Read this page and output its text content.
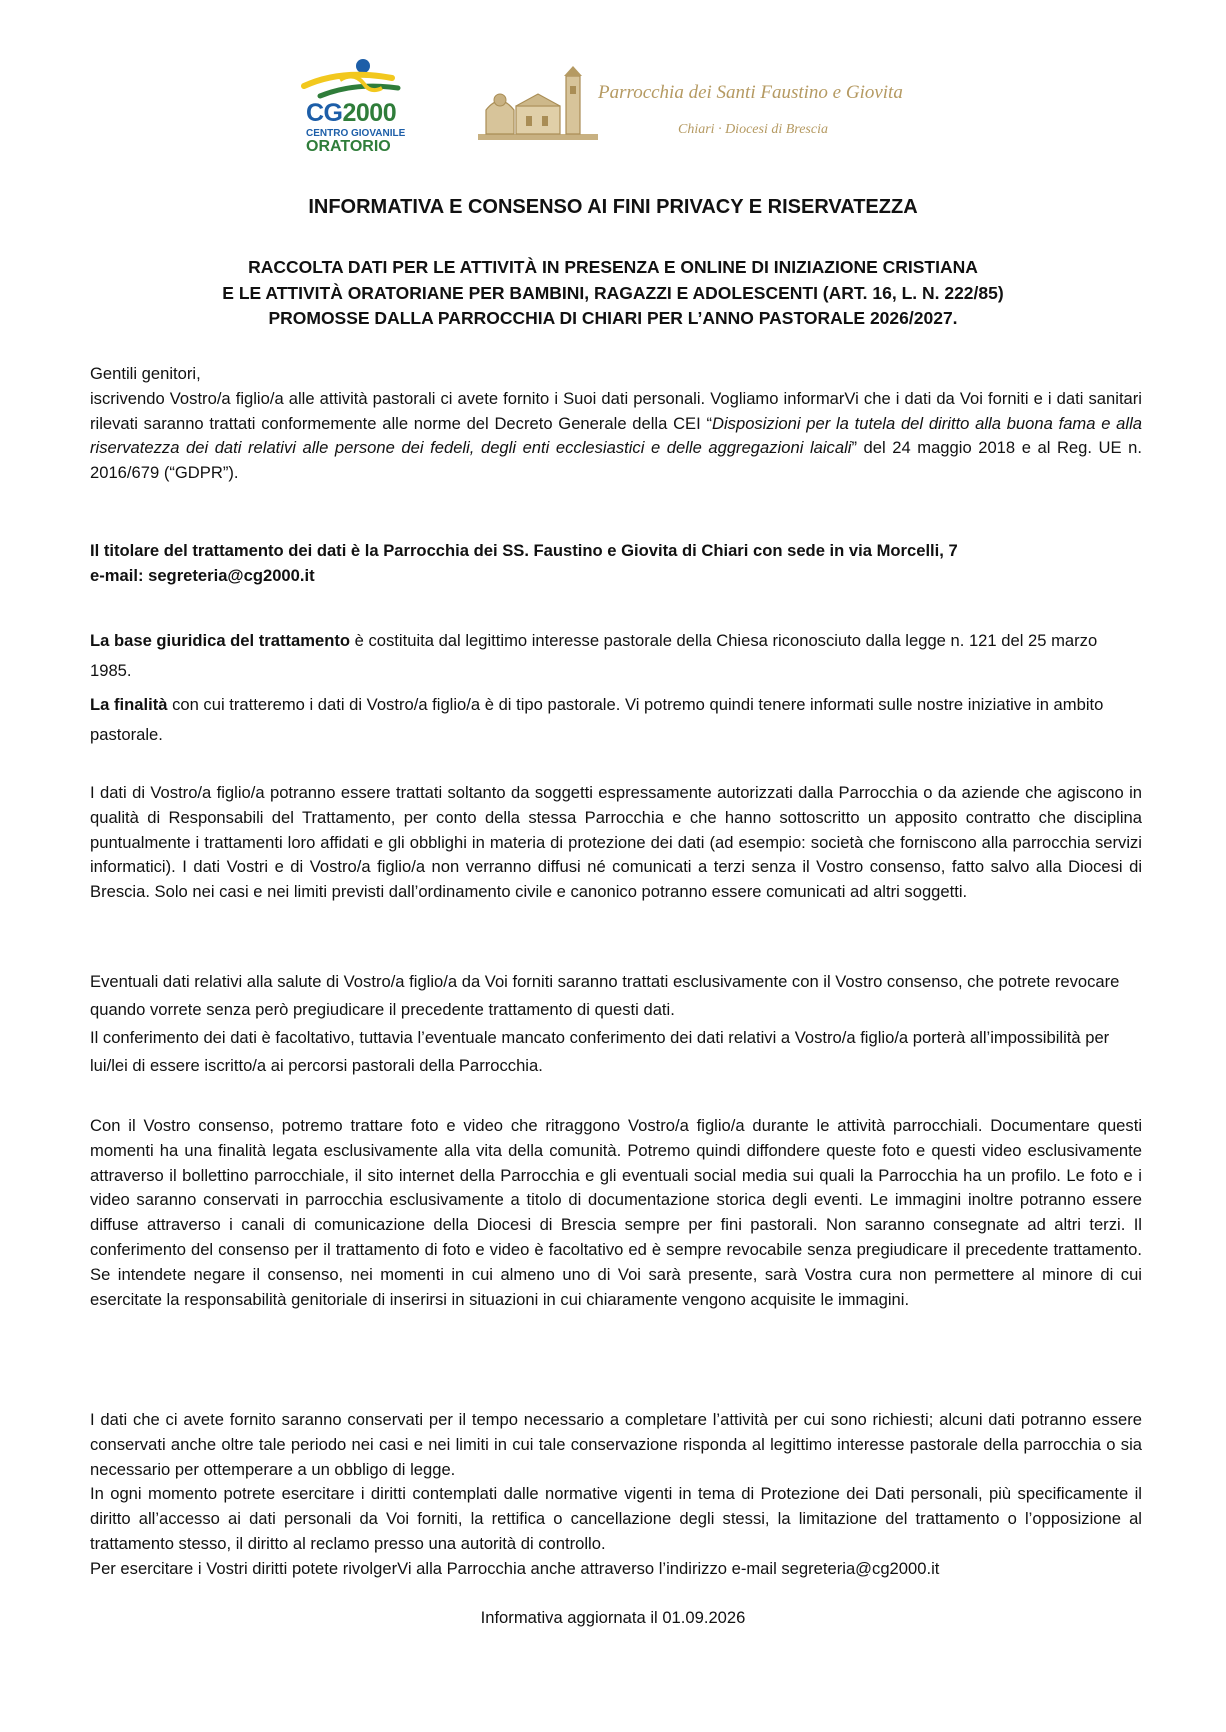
CG2000
CENTRO GIOVANILE
ORATORIO
Parrocchia dei Santi Faustino e Giovita
Chiari · Diocesi di Brescia
INFORMATIVA E CONSENSO AI FINI PRIVACY E RISERVATEZZA
RACCOLTA DATI PER LE ATTIVITÀ IN PRESENZA E ONLINE DI INIZIAZIONE CRISTIANA
E LE ATTIVITÀ ORATORIANE PER BAMBINI, RAGAZZI E ADOLESCENTI (ART. 16, L. N. 222/85)
PROMOSSE DALLA PARROCCHIA DI CHIARI PER L’ANNO PASTORALE 2026/2027.

Gentili genitori,

iscrivendo Vostro/a figlio/a alle attività pastorali ci avete fornito i Suoi dati personali. Vogliamo informarVi che i dati da Voi forniti e i dati sanitari rilevati saranno trattati conformemente alle norme del Decreto Generale della CEI “Disposizioni per la tutela del diritto alla buona fama e alla riservatezza dei dati relativi alle persone dei fedeli, degli enti ecclesiastici e delle aggregazioni laicali” del 24 maggio 2018 e al Reg. UE n. 2016/679 (“GDPR”).

Il titolare del trattamento dei dati è la Parrocchia dei SS. Faustino e Giovita di Chiari con sede in via Morcelli, 7

e-mail: segreteria@cg2000.it

La base giuridica del trattamento è costituita dal legittimo interesse pastorale della Chiesa riconosciuto dalla legge n. 121 del 25 marzo 1985.

La finalità con cui tratteremo i dati di Vostro/a figlio/a è di tipo pastorale. Vi potremo quindi tenere informati sulle nostre iniziative in ambito pastorale.

I dati di Vostro/a figlio/a potranno essere trattati soltanto da soggetti espressamente autorizzati dalla Parrocchia o da aziende che agiscono in qualità di Responsabili del Trattamento, per conto della stessa Parrocchia e che hanno sottoscritto un apposito contratto che disciplina puntualmente i trattamenti loro affidati e gli obblighi in materia di protezione dei dati (ad esempio: società che forniscono alla parrocchia servizi informatici). I dati Vostri e di Vostro/a figlio/a non verranno diffusi né comunicati a terzi senza il Vostro consenso, fatto salvo alla Diocesi di Brescia. Solo nei casi e nei limiti previsti dall’ordinamento civile e canonico potranno essere comunicati ad altri soggetti.

Eventuali dati relativi alla salute di Vostro/a figlio/a da Voi forniti saranno trattati esclusivamente con il Vostro consenso, che potrete revocare quando vorrete senza però pregiudicare il precedente trattamento di questi dati.

Il conferimento dei dati è facoltativo, tuttavia l’eventuale mancato conferimento dei dati relativi a Vostro/a figlio/a porterà all’impossibilità per lui/lei di essere iscritto/a ai percorsi pastorali della Parrocchia.

Con il Vostro consenso, potremo trattare foto e video che ritraggono Vostro/a figlio/a durante le attività parrocchiali. Documentare questi momenti ha una finalità legata esclusivamente alla vita della comunità. Potremo quindi diffondere queste foto e questi video esclusivamente attraverso il bollettino parrocchiale, il sito internet della Parrocchia e gli eventuali social media sui quali la Parrocchia ha un profilo. Le foto e i video saranno conservati in parrocchia esclusivamente a titolo di documentazione storica degli eventi. Le immagini inoltre potranno essere diffuse attraverso i canali di comunicazione della Diocesi di Brescia sempre per fini pastorali. Non saranno consegnate ad altri terzi. Il conferimento del consenso per il trattamento di foto e video è facoltativo ed è sempre revocabile senza pregiudicare il precedente trattamento. Se intendete negare il consenso, nei momenti in cui almeno uno di Voi sarà presente, sarà Vostra cura non permettere al minore di cui esercitate la responsabilità genitoriale di inserirsi in situazioni in cui chiaramente vengono acquisite le immagini.

I dati che ci avete fornito saranno conservati per il tempo necessario a completare l’attività per cui sono richiesti; alcuni dati potranno essere conservati anche oltre tale periodo nei casi e nei limiti in cui tale conservazione risponda al legittimo interesse pastorale della parrocchia o sia necessario per ottemperare a un obbligo di legge.

In ogni momento potrete esercitare i diritti contemplati dalle normative vigenti in tema di Protezione dei Dati personali, più specificamente il diritto all’accesso ai dati personali da Voi forniti, la rettifica o cancellazione degli stessi, la limitazione del trattamento o l’opposizione al trattamento stesso, il diritto al reclamo presso una autorità di controllo.

Per esercitare i Vostri diritti potete rivolgerVi alla Parrocchia anche attraverso l’indirizzo e-mail segreteria@cg2000.it

Informativa aggiornata il 01.09.2026
